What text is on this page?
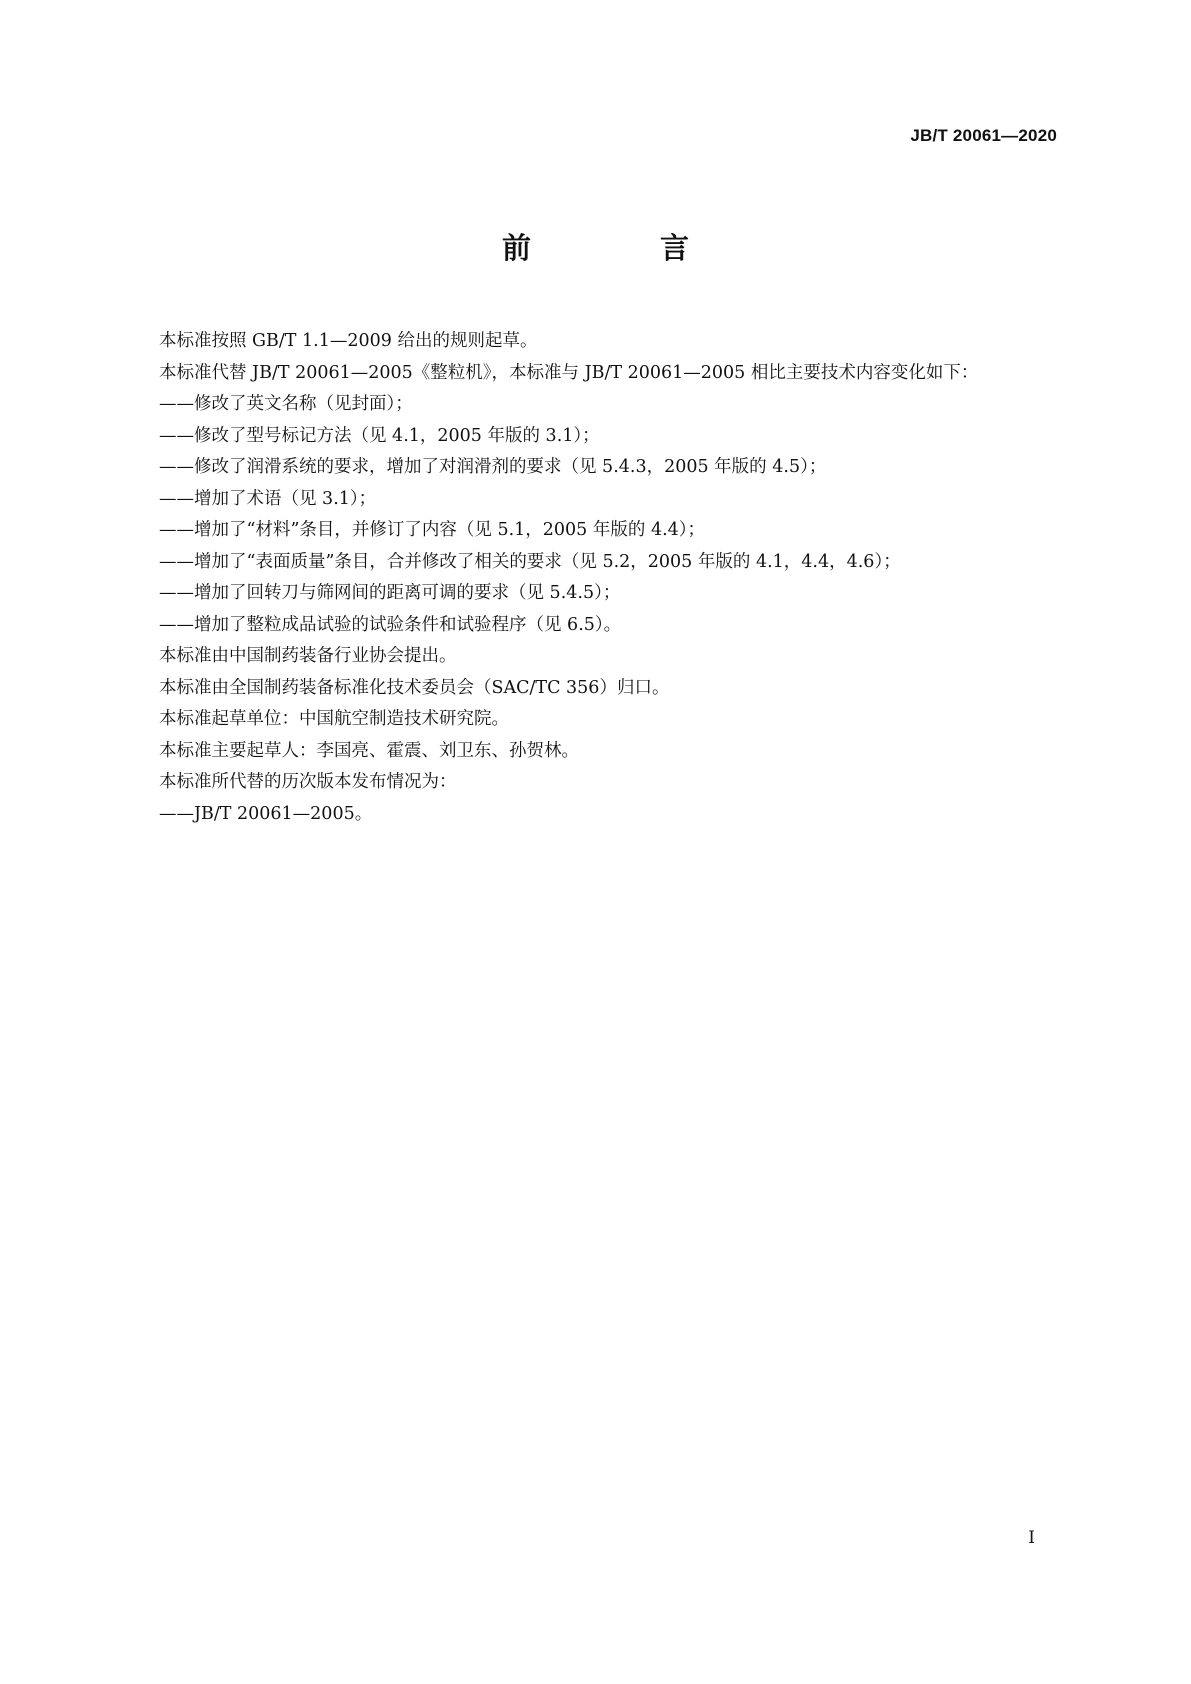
JB/T 20061—2020
前　言

本标准按照 GB/T 1.1—2009 给出的规则起草。

本标准代替 JB/T 20061—2005《整粒机》，本标准与 JB/T 20061—2005 相比主要技术内容变化如下：

——修改了英文名称（见封面）；

——修改了型号标记方法（见 4.1，2005 年版的 3.1）；

——修改了润滑系统的要求，增加了对润滑剂的要求（见 5.4.3，2005 年版的 4.5）；

——增加了术语（见 3.1）；

——增加了“材料”条目，并修订了内容（见 5.1，2005 年版的 4.4）；

——增加了“表面质量”条目，合并修改了相关的要求（见 5.2，2005 年版的 4.1，4.4，4.6）；

——增加了回转刀与筛网间的距离可调的要求（见 5.4.5）；

——增加了整粒成品试验的试验条件和试验程序（见 6.5）。

本标准由中国制药装备行业协会提出。

本标准由全国制药装备标准化技术委员会（SAC/TC 356）归口。

本标准起草单位：中国航空制造技术研究院。

本标准主要起草人：李国亮、霍震、刘卫东、孙贺林。

本标准所代替的历次版本发布情况为：

——JB/T 20061—2005。

I
